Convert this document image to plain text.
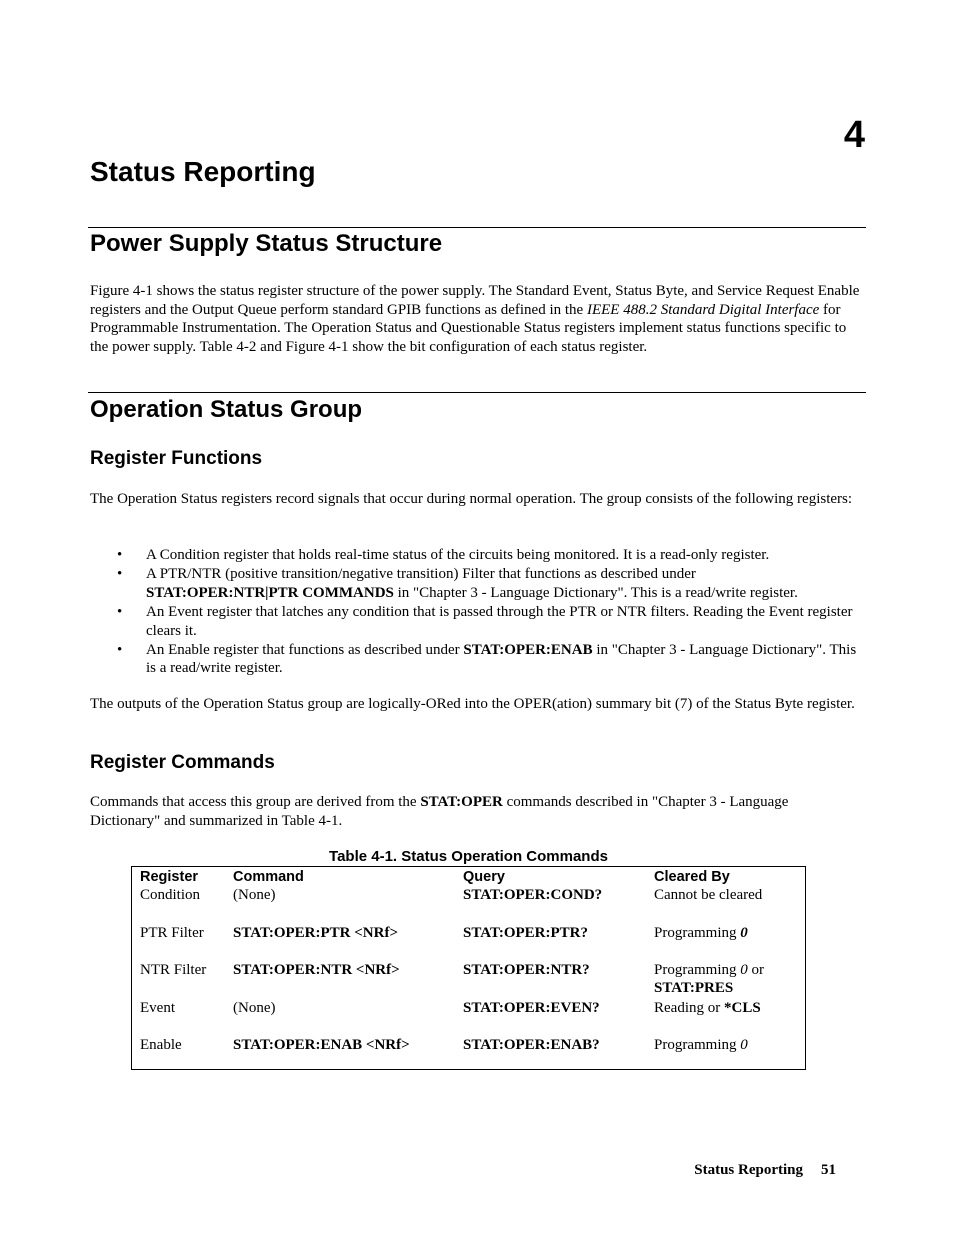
4
Status Reporting
Power Supply Status Structure
Figure 4-1 shows the status register structure of the power supply. The Standard Event, Status Byte, and Service Request Enable registers and the Output Queue perform standard GPIB functions as defined in the IEEE 488.2 Standard Digital Interface for Programmable Instrumentation. The Operation Status and Questionable Status registers implement status functions specific to the power supply. Table 4-2 and Figure 4-1 show the bit configuration of each status register.
Operation Status Group
Register Functions
The Operation Status registers record signals that occur during normal operation. The group consists of the following registers:

• A Condition register that holds real-time status of the circuits being monitored. It is a read-only register.

• A PTR/NTR (positive transition/negative transition) Filter that functions as described under
STAT:OPER:NTR|PTR COMMANDS in "Chapter 3 - Language Dictionary". This is a read/write register.

• An Event register that latches any condition that is passed through the PTR or NTR filters. Reading the Event register clears it.

• An Enable register that functions as described under STAT:OPER:ENAB in "Chapter 3 - Language Dictionary". This is a read/write register.

The outputs of the Operation Status group are logically-ORed into the OPER(ation) summary bit (7) of the Status Byte register.
Register Commands
Commands that access this group are derived from the STAT:OPER commands described in "Chapter 3 - Language Dictionary" and summarized in Table 4-1.
Table 4-1. Status Operation Commands
Register	Command	Query	Cleared By
Condition	(None)	STAT:OPER:COND?	Cannot be cleared
PTR Filter	STAT:OPER:PTR <NRf>	STAT:OPER:PTR?	Programming 0
NTR Filter	STAT:OPER:NTR <NRf>	STAT:OPER:NTR?	Programming 0 or
STAT:PRES
Event	(None)	STAT:OPER:EVEN?	Reading or *CLS
Enable	STAT:OPER:ENAB <NRf>	STAT:OPER:ENAB?	Programming 0
Status Reporting 51
